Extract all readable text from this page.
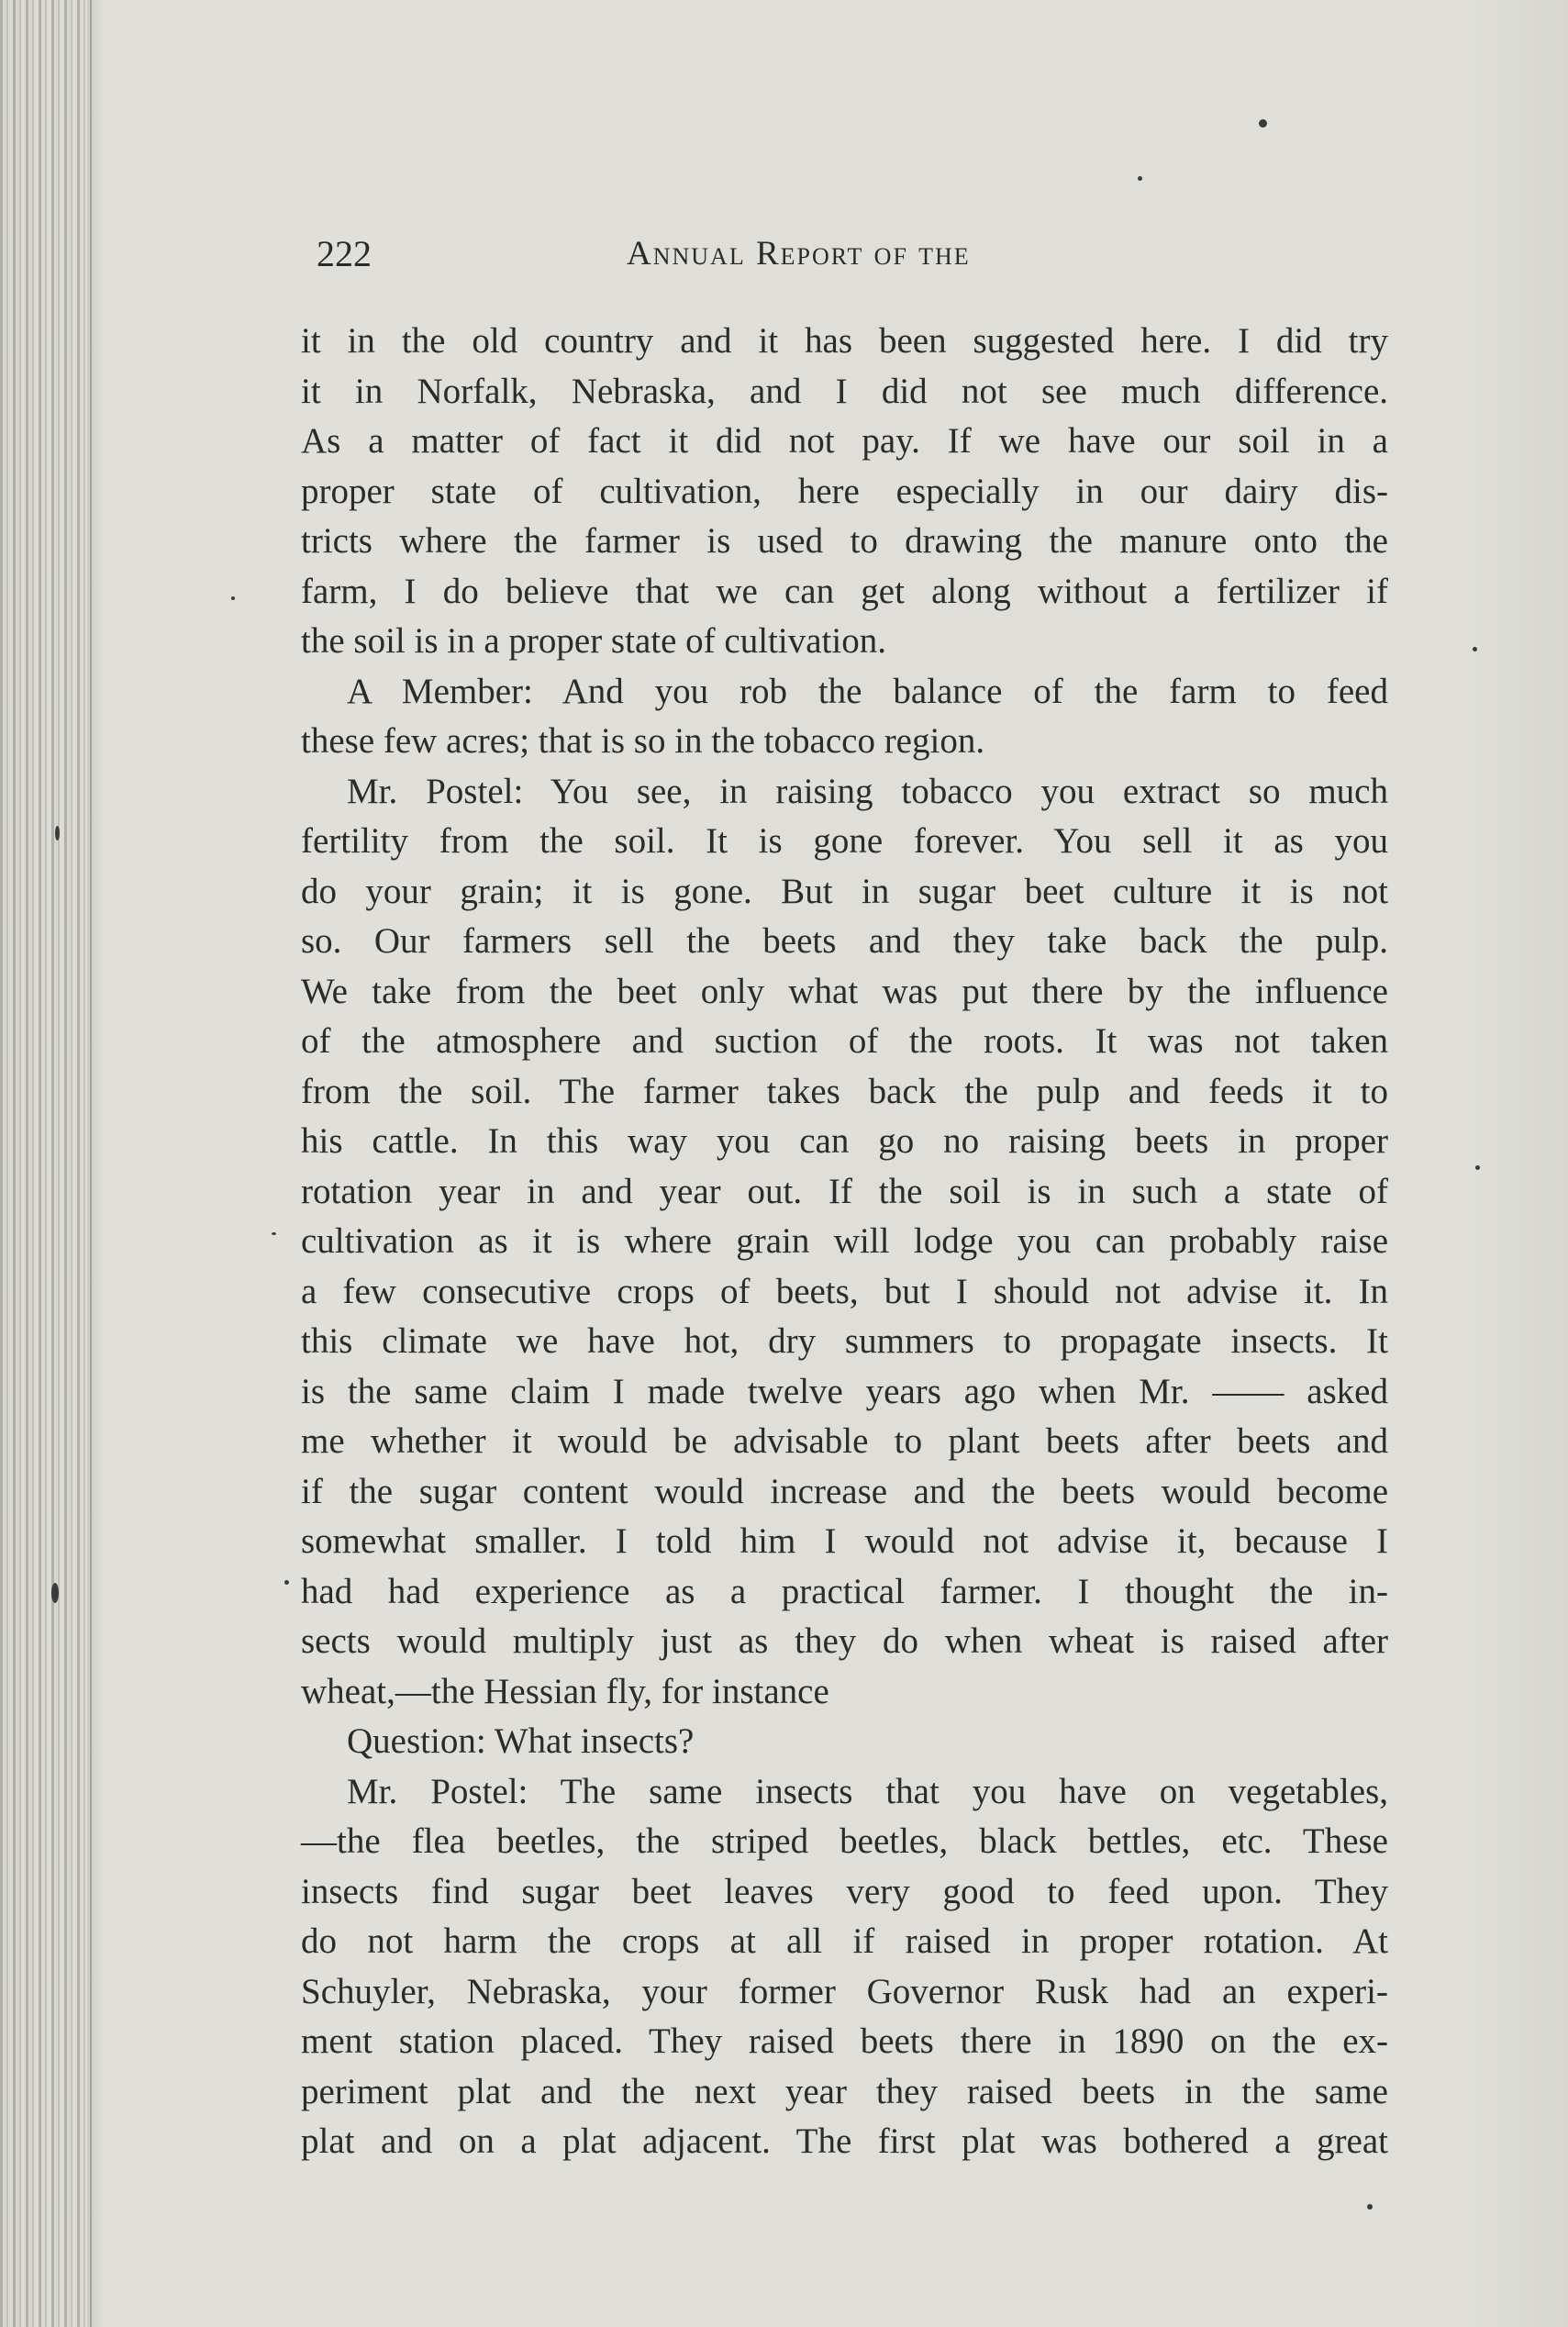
222	Annual Report of the
it in the old country and it has been suggested here. I did try
it in Norfalk, Nebraska, and I did not see much difference.
As a matter of fact it did not pay. If we have our soil in a
proper state of cultivation, here especially in our dairy dis-
tricts where the farmer is used to drawing the manure onto the
farm, I do believe that we can get along without a fertilizer if
the soil is in a proper state of cultivation.
A Member: And you rob the balance of the farm to feed
these few acres; that is so in the tobacco region.
Mr. Postel: You see, in raising tobacco you extract so much
fertility from the soil. It is gone forever. You sell it as you
do your grain; it is gone. But in sugar beet culture it is not
so. Our farmers sell the beets and they take back the pulp.
We take from the beet only what was put there by the influence
of the atmosphere and suction of the roots. It was not taken
from the soil. The farmer takes back the pulp and feeds it to
his cattle. In this way you can go no raising beets in proper
rotation year in and year out. If the soil is in such a state of
cultivation as it is where grain will lodge you can probably raise
a few consecutive crops of beets, but I should not advise it. In
this climate we have hot, dry summers to propagate insects. It
is the same claim I made twelve years ago when Mr. —— asked
me whether it would be advisable to plant beets after beets and
if the sugar content would increase and the beets would become
somewhat smaller. I told him I would not advise it, because I
had had experience as a practical farmer. I thought the in-
sects would multiply just as they do when wheat is raised after
wheat,—the Hessian fly, for instance
Question: What insects?
Mr. Postel: The same insects that you have on vegetables,
—the flea beetles, the striped beetles, black bettles, etc. These
insects find sugar beet leaves very good to feed upon. They
do not harm the crops at all if raised in proper rotation. At
Schuyler, Nebraska, your former Governor Rusk had an experi-
ment station placed. They raised beets there in 1890 on the ex-
periment plat and the next year they raised beets in the same
plat and on a plat adjacent. The first plat was bothered a great
